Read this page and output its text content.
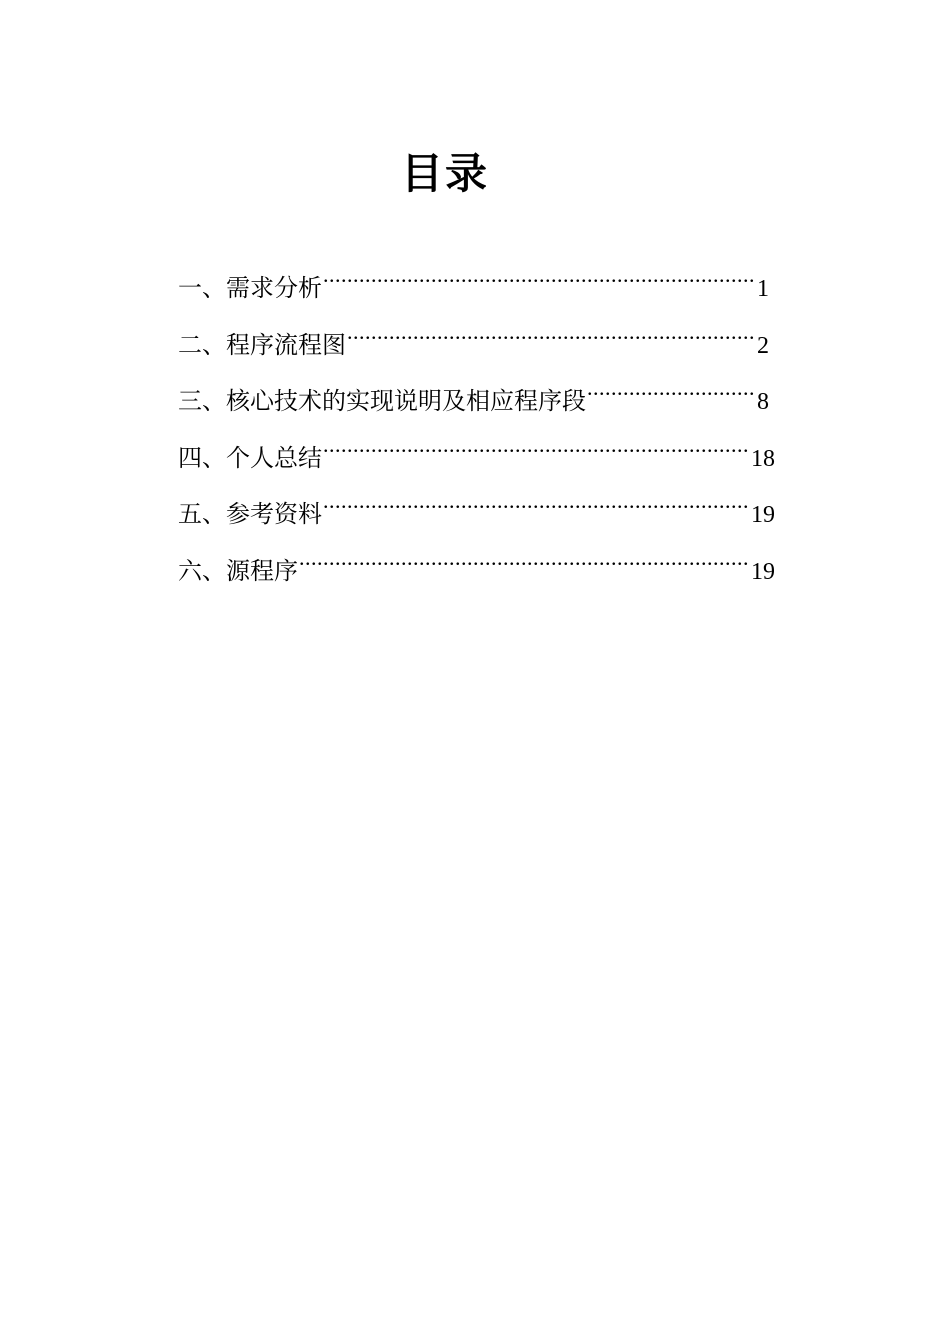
目录
一、需求分析 .....	1
二、程序流程图 .....	2
三、核心技术的实现说明及相应程序段 .....	8
四、个人总结 .....	18
五、参考资料 .....	19
六、源程序 .....	19
